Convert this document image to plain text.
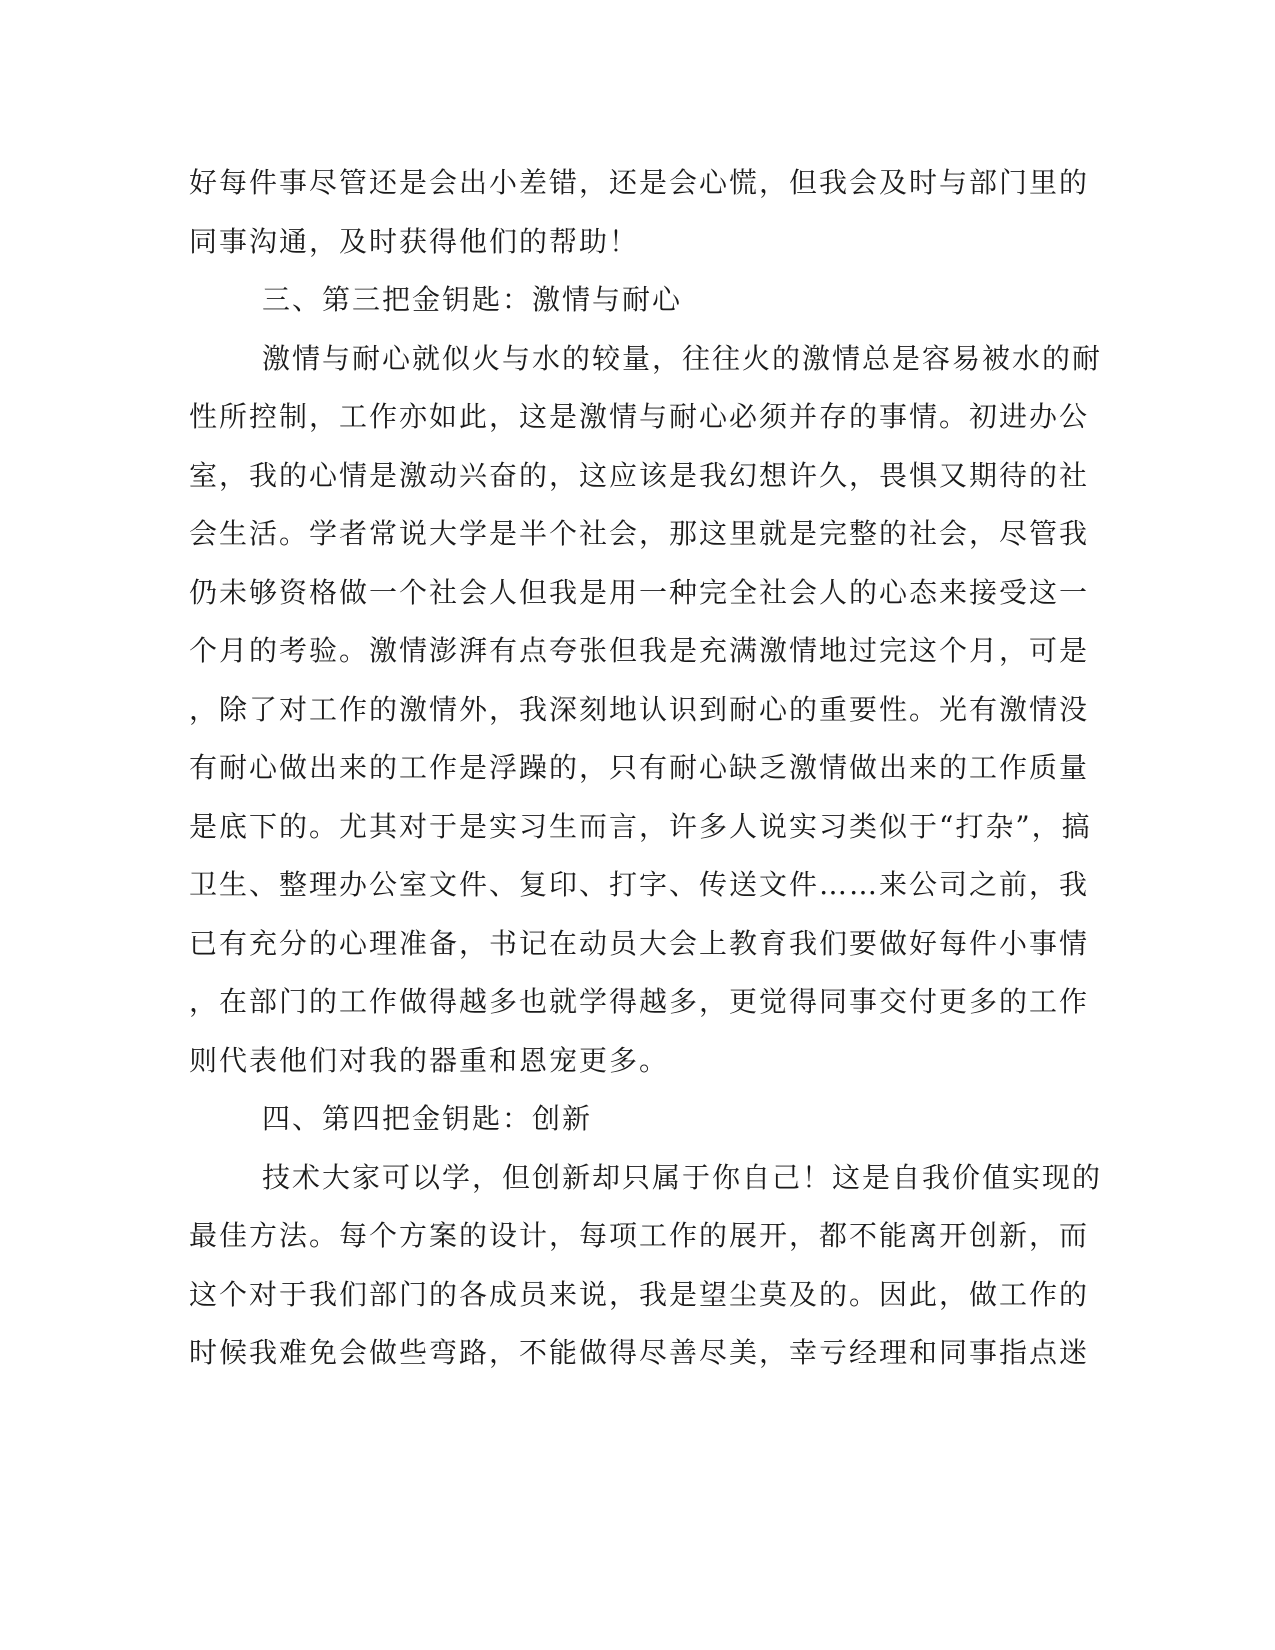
好每件事尽管还是会出小差错，还是会心慌，但我会及时与部门里的
同事沟通，及时获得他们的帮助！
三、第三把金钥匙：激情与耐心
激情与耐心就似火与水的较量，往往火的激情总是容易被水的耐
性所控制，工作亦如此，这是激情与耐心必须并存的事情。初进办公
室，我的心情是激动兴奋的，这应该是我幻想许久，畏惧又期待的社
会生活。学者常说大学是半个社会，那这里就是完整的社会，尽管我
仍未够资格做一个社会人但我是用一种完全社会人的心态来接受这一
个月的考验。激情澎湃有点夸张但我是充满激情地过完这个月，可是
，除了对工作的激情外，我深刻地认识到耐心的重要性。光有激情没
有耐心做出来的工作是浮躁的，只有耐心缺乏激情做出来的工作质量
是底下的。尤其对于是实习生而言，许多人说实习类似于“打杂”，搞
卫生、整理办公室文件、复印、打字、传送文件……来公司之前，我
已有充分的心理准备，书记在动员大会上教育我们要做好每件小事情
，在部门的工作做得越多也就学得越多，更觉得同事交付更多的工作
则代表他们对我的器重和恩宠更多。
四、第四把金钥匙：创新
技术大家可以学，但创新却只属于你自己！这是自我价值实现的
最佳方法。每个方案的设计，每项工作的展开，都不能离开创新，而
这个对于我们部门的各成员来说，我是望尘莫及的。因此，做工作的
时候我难免会做些弯路，不能做得尽善尽美，幸亏经理和同事指点迷
